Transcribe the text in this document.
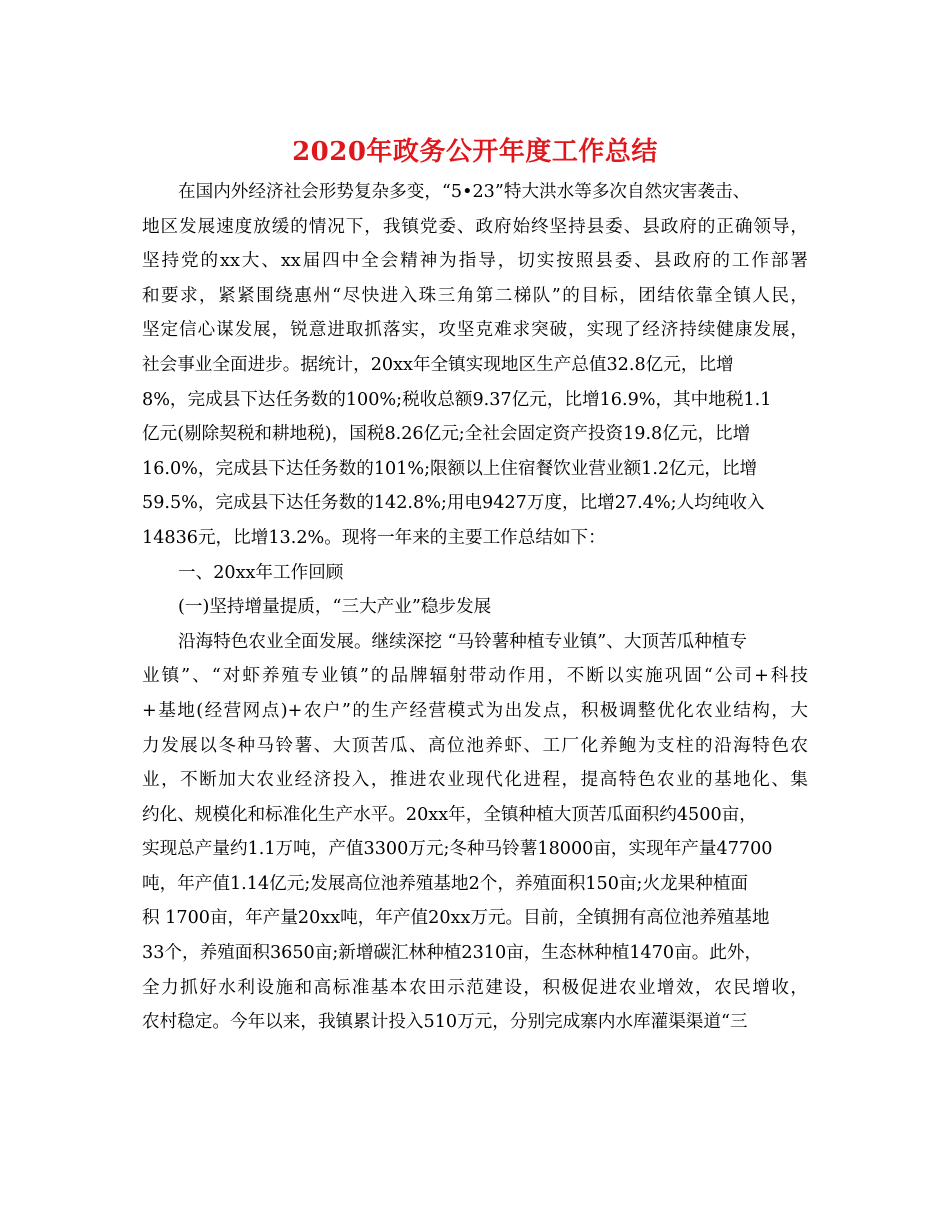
2020年政务公开年度工作总结
在国内外经济社会形势复杂多变，“5•23”特大洪水等多次自然灾害袭击、
地区发展速度放缓的情况下，我镇党委、政府始终坚持县委、县政府的正确领导，
坚持党的xx大、xx届四中全会精神为指导，切实按照县委、县政府的工作部署
和要求，紧紧围绕惠州“尽快进入珠三角第二梯队”的目标，团结依靠全镇人民，
坚定信心谋发展，锐意进取抓落实，攻坚克难求突破，实现了经济持续健康发展，
社会事业全面进步。据统计，20xx年全镇实现地区生产总值32.8亿元，比增
8%，完成县下达任务数的100%;税收总额9.37亿元，比增16.9%，其中地税1.1
亿元(剔除契税和耕地税)，国税8.26亿元;全社会固定资产投资19.8亿元，比增
16.0%，完成县下达任务数的101%;限额以上住宿餐饮业营业额1.2亿元，比增
59.5%，完成县下达任务数的142.8%;用电9427万度，比增27.4%;人均纯收入
14836元，比增13.2%。现将一年来的主要工作总结如下：
一、20xx年工作回顾
(一)坚持增量提质，“三大产业”稳步发展
沿海特色农业全面发展。继续深挖 “马铃薯种植专业镇”、大顶苦瓜种植专
业镇”、“对虾养殖专业镇”的品牌辐射带动作用，不断以实施巩固“公司+科技
+基地(经营网点)+农户”的生产经营模式为出发点，积极调整优化农业结构，大
力发展以冬种马铃薯、大顶苦瓜、高位池养虾、工厂化养鲍为支柱的沿海特色农
业，不断加大农业经济投入，推进农业现代化进程，提高特色农业的基地化、集
约化、规模化和标准化生产水平。20xx年，全镇种植大顶苦瓜面积约4500亩，
实现总产量约1.1万吨，产值3300万元;冬种马铃薯18000亩，实现年产量47700
吨，年产值1.14亿元;发展高位池养殖基地2个，养殖面积150亩;火龙果种植面
积 1700亩，年产量20xx吨，年产值20xx万元。目前，全镇拥有高位池养殖基地
33个，养殖面积3650亩;新增碳汇林种植2310亩，生态林种植1470亩。此外，
全力抓好水利设施和高标准基本农田示范建设，积极促进农业增效，农民增收，
农村稳定。今年以来，我镇累计投入510万元，分别完成寨内水库灌渠渠道“三
